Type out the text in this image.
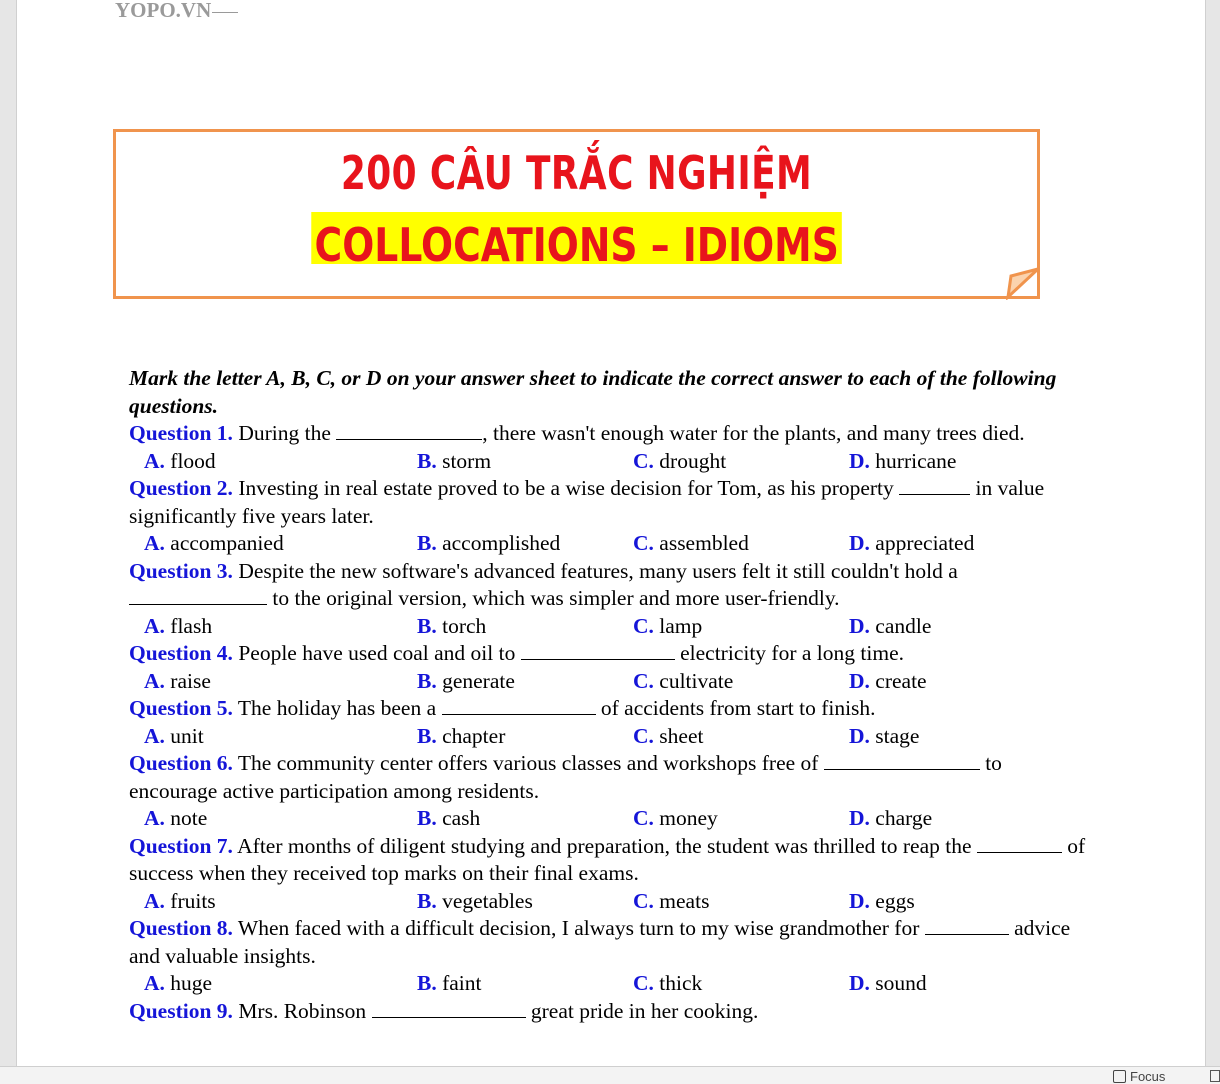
YOPO.VN
200 CÂU TRẮC NGHIỆM
COLLOCATIONS – IDIOMS

Mark the letter A, B, C, or D on your answer sheet to indicate the correct answer to each of the following questions.

Question 1. During the	, there wasn't enough water for the plants, and many trees died.

A. flood	B. storm	C. drought	D. hurricane

Question 2. Investing in real estate proved to be a wise decision for Tom, as his property	in value significantly five years later.

A. accompanied	B. accomplished	C. assembled	D. appreciated

Question 3. Despite the new software's advanced features, many users felt it still couldn't hold a  to the original version, which was simpler and more user-friendly.

A. flash	B. torch	C. lamp	D. candle

Question 4. People have used coal and oil to	electricity for a long time.

A. raise	B. generate	C. cultivate	D. create

Question 5. The holiday has been a	of accidents from start to finish.

A. unit	B. chapter	C. sheet	D. stage

Question 6. The community center offers various classes and workshops free of	to encourage active participation among residents.

A. note	B. cash	C. money	D. charge

Question 7. After months of diligent studying and preparation, the student was thrilled to reap the	of success when they received top marks on their final exams.

A. fruits	B. vegetables	C. meats	D. eggs

Question 8. When faced with a difficult decision, I always turn to my wise grandmother for	advice and valuable insights.

A. huge	B. faint	C. thick	D. sound

Question 9. Mrs. Robinson	great pride in her cooking.

Focus
